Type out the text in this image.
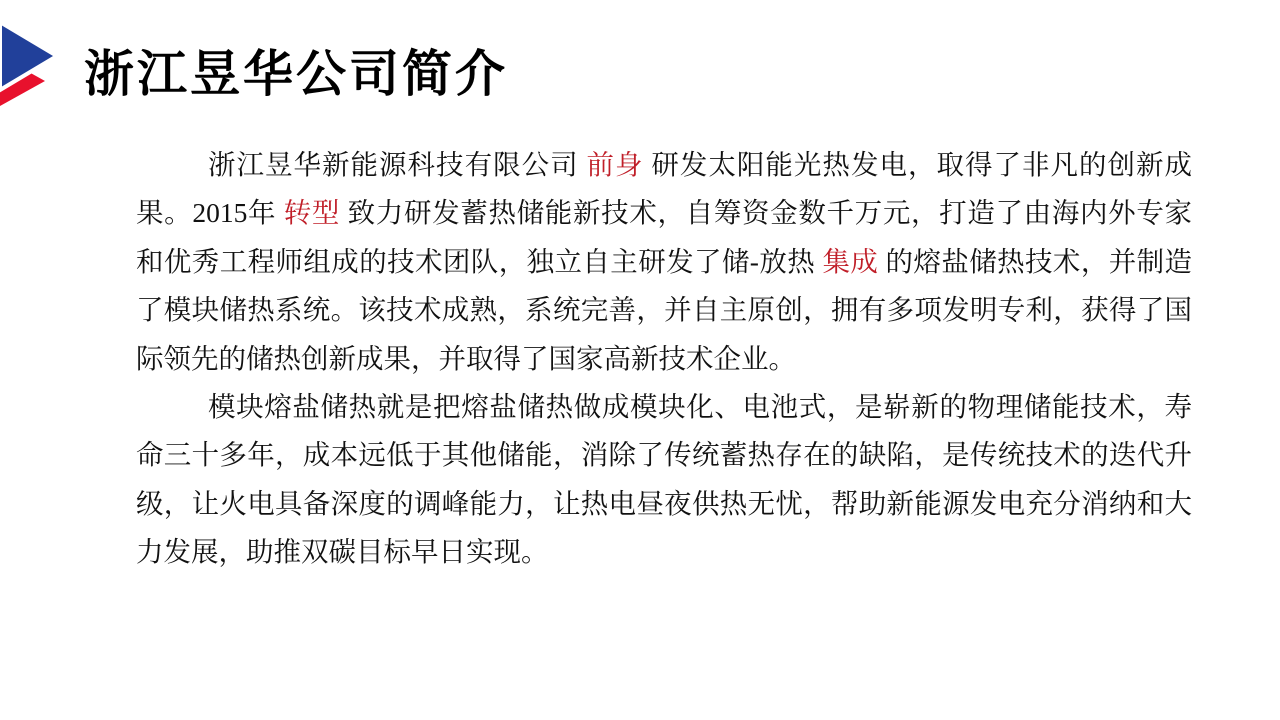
浙江昱华公司简介

浙江昱华新能源科技有限公司 前身 研发太阳能光热发电，取得了非凡的创新成果。2015年 转型 致力研发蓄热储能新技术，自筹资金数千万元，打造了由海内外专家和优秀工程师组成的技术团队，独立自主研发了储-放热 集成 的熔盐储热技术，并制造了模块储热系统。该技术成熟，系统完善，并自主原创，拥有多项发明专利，获得了国际领先的储热创新成果，并取得了国家高新技术企业。

模块熔盐储热就是把熔盐储热做成模块化、电池式，是崭新的物理储能技术，寿命三十多年，成本远低于其他储能，消除了传统蓄热存在的缺陷，是传统技术的迭代升级，让火电具备深度的调峰能力，让热电昼夜供热无忧，帮助新能源发电充分消纳和大力发展，助推双碳目标早日实现。
